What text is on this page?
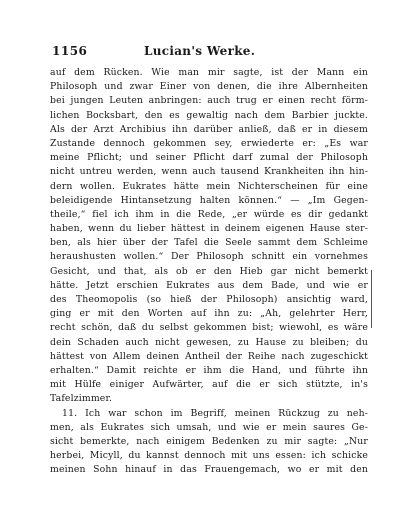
1156	Lucian's Werke.
auf dem Rücken. Wie man mir sagte, ist der Mann ein
Philosoph und zwar Einer von denen, die ihre Albernheiten
bei jungen Leuten anbringen: auch trug er einen recht förm-
lichen Bocksbart, den es gewaltig nach dem Barbier juckte.
Als der Arzt Archibius ihn darüber anließ, daß er in diesem
Zustande dennoch gekommen sey, erwiederte er: „Es war
meine Pflicht; und seiner Pflicht darf zumal der Philosoph
nicht untreu werden, wenn auch tausend Krankheiten ihn hin-
dern wollen. Eukrates hätte mein Nichterscheinen für eine
beleidigende Hintansetzung halten können.“ — „Im Gegen-
theile,“ fiel ich ihm in die Rede, „er würde es dir gedankt
haben, wenn du lieber hättest in deinem eigenen Hause ster-
ben, als hier über der Tafel die Seele sammt dem Schleime
heraushusten wollen.“ Der Philosoph schnitt ein vornehmes
Gesicht, und that, als ob er den Hieb gar nicht bemerkt
hätte. Jetzt erschien Eukrates aus dem Bade, und wie er
des Theomopolis (so hieß der Philosoph) ansichtig ward,
ging er mit den Worten auf ihn zu: „Ah, gelehrter Herr,
recht schön, daß du selbst gekommen bist; wiewohl, es wäre
dein Schaden auch nicht gewesen, zu Hause zu bleiben; du
hättest von Allem deinen Antheil der Reihe nach zugeschickt
erhalten.“ Damit reichte er ihm die Hand, und führte ihn
mit Hülfe einiger Aufwärter, auf die er sich stützte, in's
Tafelzimmer.
11. Ich war schon im Begriff, meinen Rückzug zu neh-
men, als Eukrates sich umsah, und wie er mein saures Ge-
sicht bemerkte, nach einigem Bedenken zu mir sagte: „Nur
herbei, Micyll, du kannst dennoch mit uns essen: ich schicke
meinen Sohn hinauf in das Frauengemach, wo er mit den
